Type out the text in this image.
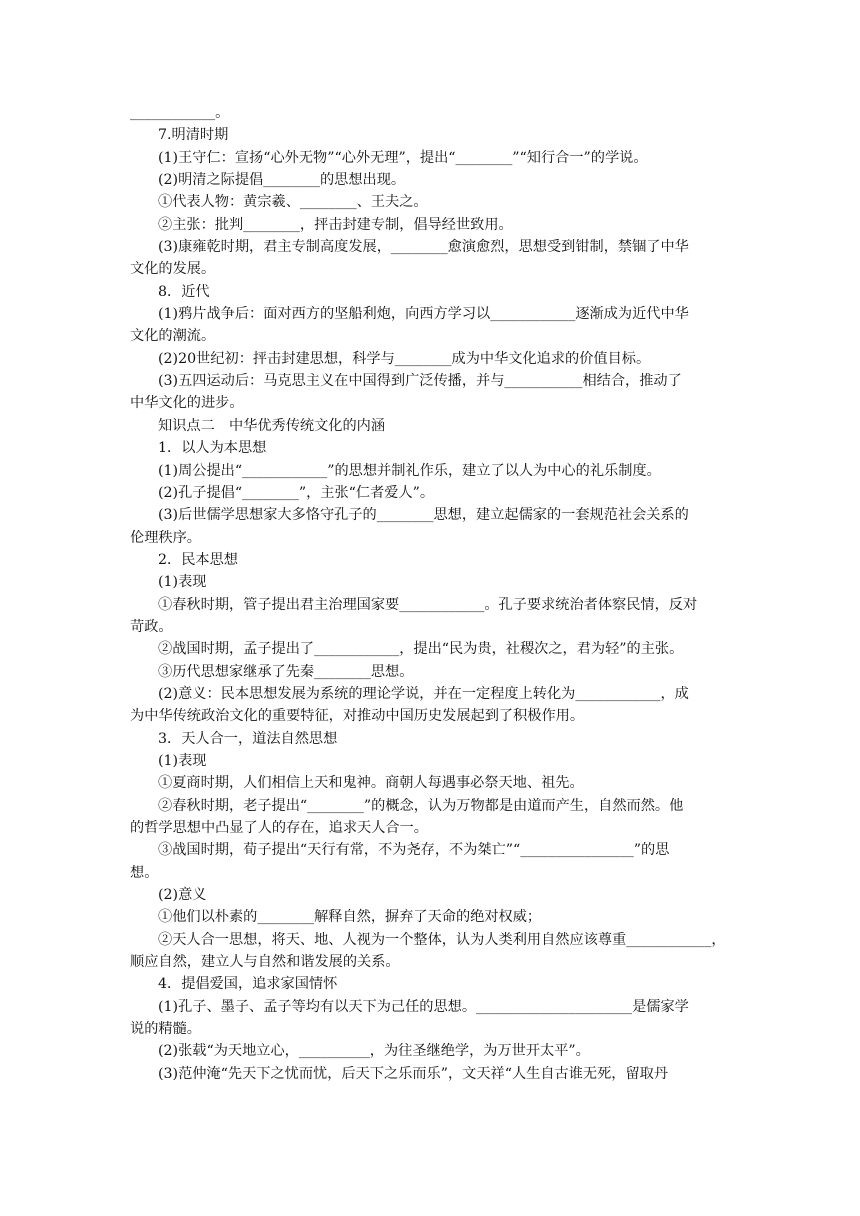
____________。
7.明清时期
(1)王守仁：宣扬“心外无物”“心外无理”，提出“________”“知行合一”的学说。
(2)明清之际提倡________的思想出现。
①代表人物：黄宗羲、________、王夫之。
②主张：批判________，抨击封建专制，倡导经世致用。
(3)康雍乾时期，君主专制高度发展，________愈演愈烈，思想受到钳制，禁锢了中华
文化的发展。
8．近代
(1)鸦片战争后：面对西方的坚船利炮，向西方学习以____________逐渐成为近代中华
文化的潮流。
(2)20世纪初：抨击封建思想，科学与________成为中华文化追求的价值目标。
(3)五四运动后：马克思主义在中国得到广泛传播，并与___________相结合，推动了
中华文化的进步。
知识点二　中华优秀传统文化的内涵
1．以人为本思想
(1)周公提出“____________”的思想并制礼作乐，建立了以人为中心的礼乐制度。
(2)孔子提倡“________”，主张“仁者爱人”。
(3)后世儒学思想家大多恪守孔子的________思想，建立起儒家的一套规范社会关系的
伦理秩序。
2．民本思想
(1)表现
①春秋时期，管子提出君主治理国家要____________。孔子要求统治者体察民情，反对
苛政。
②战国时期，孟子提出了____________，提出“民为贵，社稷次之，君为轻”的主张。
③历代思想家继承了先秦________思想。
(2)意义：民本思想发展为系统的理论学说，并在一定程度上转化为____________，成
为中华传统政治文化的重要特征，对推动中国历史发展起到了积极作用。
3．天人合一，道法自然思想
(1)表现
①夏商时期，人们相信上天和鬼神。商朝人每遇事必祭天地、祖先。
②春秋时期，老子提出“________”的概念，认为万物都是由道而产生，自然而然。他
的哲学思想中凸显了人的存在，追求天人合一。
③战国时期，荀子提出“天行有常，不为尧存，不为桀亡”“________________”的思
想。
(2)意义
①他们以朴素的________解释自然，摒弃了天命的绝对权威；
②天人合一思想，将天、地、人视为一个整体，认为人类利用自然应该尊重____________，
顺应自然，建立人与自然和谐发展的关系。
4．提倡爱国，追求家国情怀
(1)孔子、墨子、孟子等均有以天下为己任的思想。______________________是儒家学
说的精髓。
(2)张载“为天地立心，__________，为往圣继绝学，为万世开太平”。
(3)范仲淹“先天下之忧而忧，后天下之乐而乐”，文天祥“人生自古谁无死，留取丹
